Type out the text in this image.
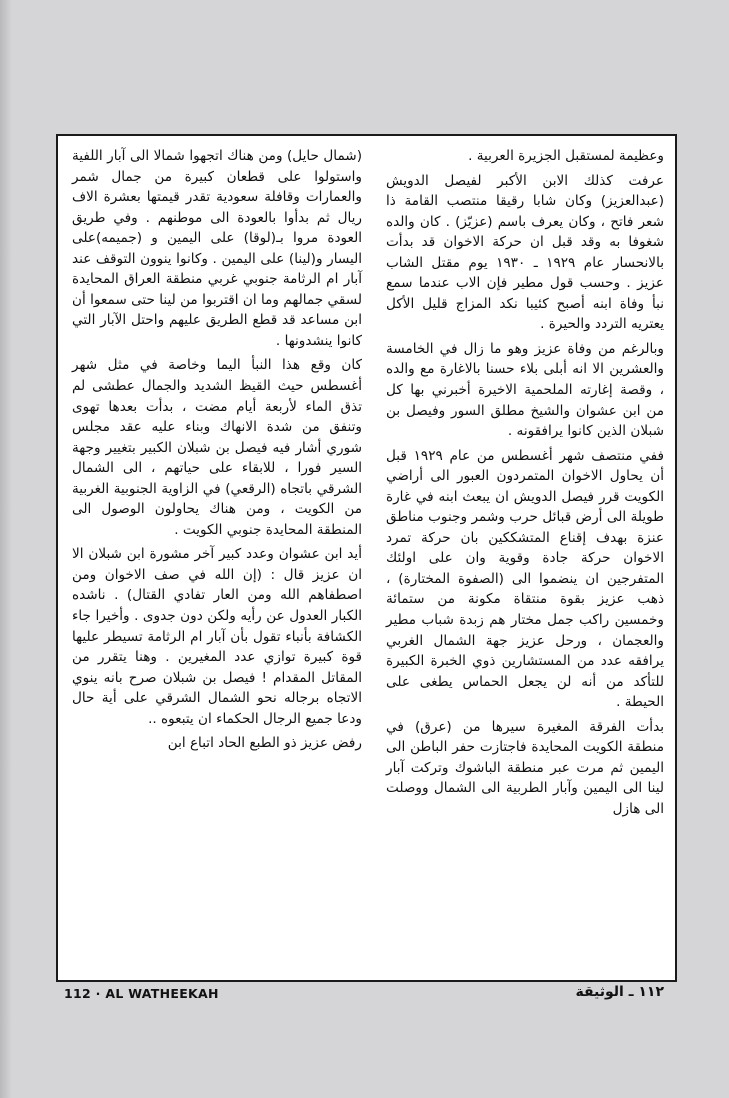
وعظيمة لمستقبل الجزيرة العربية .

عرفت كذلك الابن الأكبر لفيصل الدويش (عبدالعزيز) وكان شابا رقيقا منتصب القامة ذا شعر فاتح ، وكان يعرف باسم (عزيّز) . كان والده شغوفا به وقد قبل ان حركة الاخوان قد بدأت بالانحسار عام ١٩٢٩ ـ ١٩٣٠ يوم مقتل الشاب عزيز . وحسب قول مطير فإن الاب عندما سمع نبأ وفاة ابنه أصبح كئيبا نكد المزاج قليل الأكل يعتريه التردد والحيرة .

وبالرغم من وفاة عزيز وهو ما زال في الخامسة والعشرين الا انه أبلى بلاء حسنا بالاغارة مع والده ، وقصة إغارته الملحمية الاخيرة أخبرني بها كل من ابن عشوان والشيخ مطلق السور وفيصل بن شبلان الذين كانوا يرافقونه .

ففي منتصف شهر أغسطس من عام ١٩٢٩ قبل أن يحاول الاخوان المتمردون العبور الى أراضي الكويت قرر فيصل الدويش ان يبعث ابنه في غارة طويلة الى أرض قبائل حرب وشمر وجنوب مناطق عنزة بهدف إقناع المتشككين بان حركة تمرد الاخوان حركة جادة وقوية وان على اولئك المتفرجين ان ينضموا الى (الصفوة المختارة) ، ذهب عزيز بقوة منتقاة مكونة من ستمائة وخمسين راكب جمل مختار هم زبدة شباب مطير والعجمان ، ورحل عزيز جهة الشمال الغربي يرافقه عدد من المستشارين ذوي الخبرة الكبيرة للتأكد من أنه لن يجعل الحماس يطغى على الحيطة .

بدأت الفرقة المغيرة سيرها من (عرق) في منطقة الكويت المحايدة فاجتازت حفر الباطن الى اليمين ثم مرت عبر منطقة الباشوك وتركت آبار لينا الى اليمين وآبار الطربية الى الشمال ووصلت الى هازل

(شمال حايل) ومن هناك اتجهوا شمالا الى آبار اللفية واستولوا على قطعان كبيرة من جمال شمر والعمارات وقافلة سعودية تقدر قيمتها بعشرة الاف ريال ثم بدأوا بالعودة الى موطنهم . وفي طريق العودة مروا بـ(لوقا) على اليمين و (جميمه)على اليسار و(لينا) على اليمين . وكانوا ينوون التوقف عند آبار ام الرثامة جنوبي غربي منطقة العراق المحايدة لسقي جمالهم وما ان اقتربوا من لينا حتى سمعوا أن ابن مساعد قد قطع الطريق عليهم واحتل الآبار التي كانوا ينشدونها .

كان وقع هذا النبأ اليما وخاصة في مثل شهر أغسطس حيث القيظ الشديد والجمال عطشى لم تذق الماء لأربعة أيام مضت ، بدأت بعدها تهوى وتنفق من شدة الانهاك وبناء عليه عقد مجلس شوري أشار فيه فيصل بن شبلان الكبير بتغيير وجهة السير فورا ، للابقاء على حياتهم ، الى الشمال الشرقي باتجاه (الرقعي) في الزاوية الجنوبية الغربية من الكويت ، ومن هناك يحاولون الوصول الى المنطقة المحايدة جنوبي الكويت .

أيد ابن عشوان وعدد كبير آخر مشورة ابن شبلان الا ان عزيز قال : (إن الله في صف الاخوان ومن اصطفاهم الله ومن العار تفادي القتال) . ناشده الكبار العدول عن رأيه ولكن دون جدوى . وأخيرا جاء الكشافة بأنباء تقول بأن آبار ام الرثامة تسيطر عليها قوة كبيرة توازي عدد المغيرين . وهنا يتقرر من المقاتل المقدام ! فيصل بن شبلان صرح بانه ينوي الاتجاه برجاله نحو الشمال الشرقي على أية حال ودعا جميع الرجال الحكماء ان يتبعوه ..

رفض عزيز ذو الطبع الحاد اتباع ابن

112 · AL WATHEEKAH	١١٢ ـ الوثيقة
